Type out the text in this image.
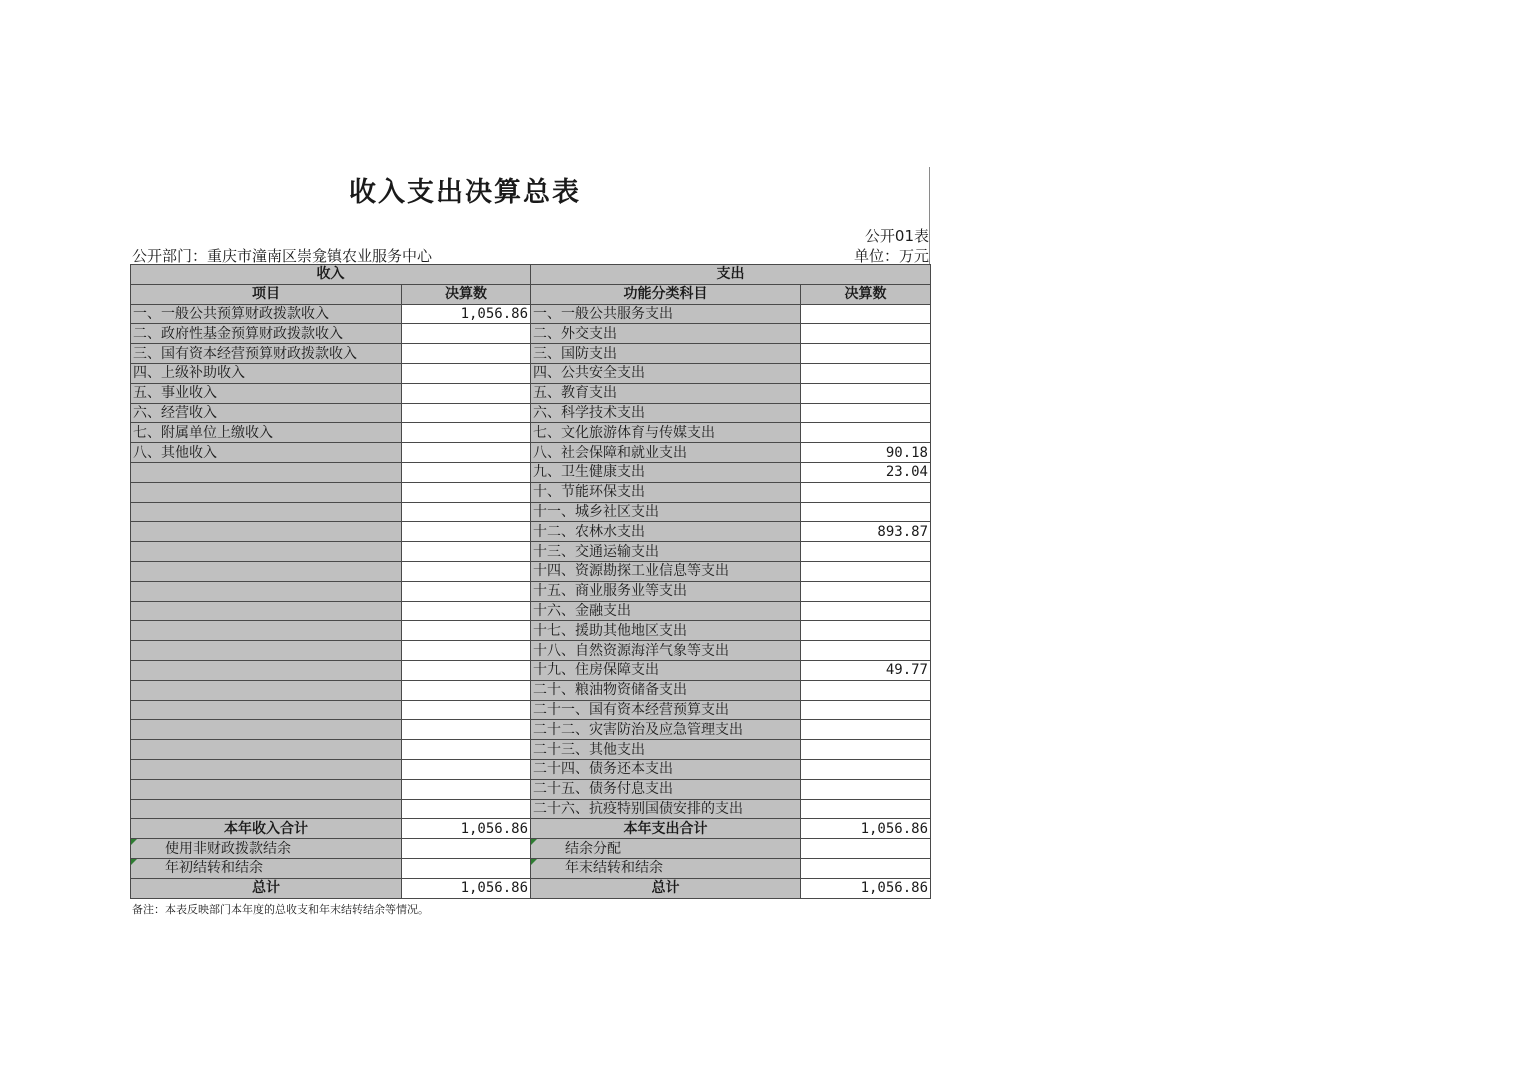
收入支出决算总表
公开01表
公开部门：重庆市潼南区崇龛镇农业服务中心	单位：万元
收入		支出	
项目	决算数	功能分类科目	决算数
一、一般公共预算财政拨款收入	1,056.86	一、一般公共服务支出	
二、政府性基金预算财政拨款收入		二、外交支出	
三、国有资本经营预算财政拨款收入		三、国防支出	
四、上级补助收入		四、公共安全支出	
五、事业收入		五、教育支出	
六、经营收入		六、科学技术支出	
七、附属单位上缴收入		七、文化旅游体育与传媒支出	
八、其他收入		八、社会保障和就业支出	90.18
		九、卫生健康支出	23.04
		十、节能环保支出	
		十一、城乡社区支出	
		十二、农林水支出	893.87
		十三、交通运输支出	
		十四、资源勘探工业信息等支出	
		十五、商业服务业等支出	
		十六、金融支出	
		十七、援助其他地区支出	
		十八、自然资源海洋气象等支出	
		十九、住房保障支出	49.77
		二十、粮油物资储备支出	
		二十一、国有资本经营预算支出	
		二十二、灾害防治及应急管理支出	
		二十三、其他支出	
		二十四、债务还本支出	
		二十五、债务付息支出	
		二十六、抗疫特别国债安排的支出	
本年收入合计	1,056.86	本年支出合计	1,056.86
使用非财政拨款结余		结余分配	
年初结转和结余		年末结转和结余	
总计	1,056.86	总计	1,056.86
备注：本表反映部门本年度的总收支和年末结转结余等情况。
